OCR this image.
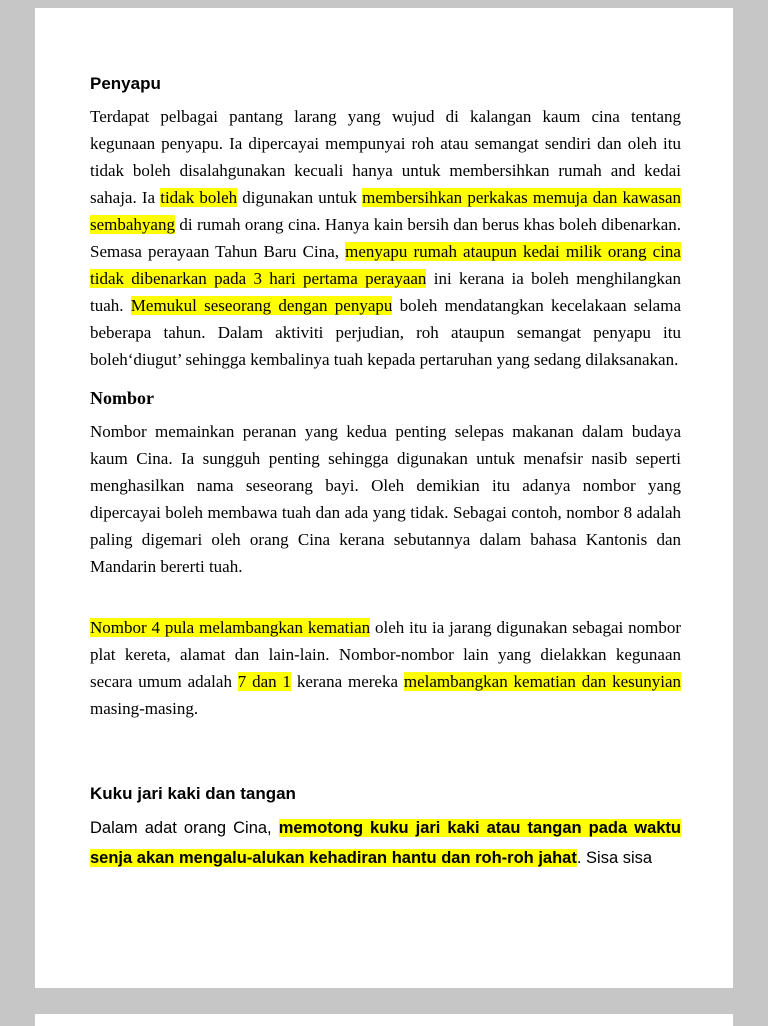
Penyapu

Terdapat pelbagai pantang larang yang wujud di kalangan kaum cina tentang kegunaan penyapu. Ia dipercayai mempunyai roh atau semangat sendiri dan oleh itu tidak boleh disalahgunakan kecuali hanya untuk membersihkan rumah and kedai sahaja. Ia tidak boleh digunakan untuk membersihkan perkakas memuja dan kawasan sembahyang di rumah orang cina. Hanya kain bersih dan berus khas boleh dibenarkan. Semasa perayaan Tahun Baru Cina, menyapu rumah ataupun kedai milik orang cina tidak dibenarkan pada 3 hari pertama perayaan ini kerana ia boleh menghilangkan tuah. Memukul seseorang dengan penyapu boleh mendatangkan kecelakaan selama beberapa tahun. Dalam aktiviti perjudian, roh ataupun semangat penyapu itu boleh‘diugut’ sehingga kembalinya tuah kepada pertaruhan yang sedang dilaksanakan.

Nombor

Nombor memainkan peranan yang kedua penting selepas makanan dalam budaya kaum Cina. Ia sungguh penting sehingga digunakan untuk menafsir nasib seperti menghasilkan nama seseorang bayi. Oleh demikian itu adanya nombor yang dipercayai boleh membawa tuah dan ada yang tidak. Sebagai contoh, nombor 8 adalah paling digemari oleh orang Cina kerana sebutannya dalam bahasa Kantonis dan Mandarin bererti tuah.

Nombor 4 pula melambangkan kematian oleh itu ia jarang digunakan sebagai nombor plat kereta, alamat dan lain-lain. Nombor-nombor lain yang dielakkan kegunaan secara umum adalah 7 dan 1 kerana mereka melambangkan kematian dan kesunyian masing-masing.

Kuku jari kaki dan tangan

Dalam adat orang Cina, memotong kuku jari kaki atau tangan pada waktu senja akan mengalu-alukan kehadiran hantu dan roh-roh jahat. Sisa sisa
